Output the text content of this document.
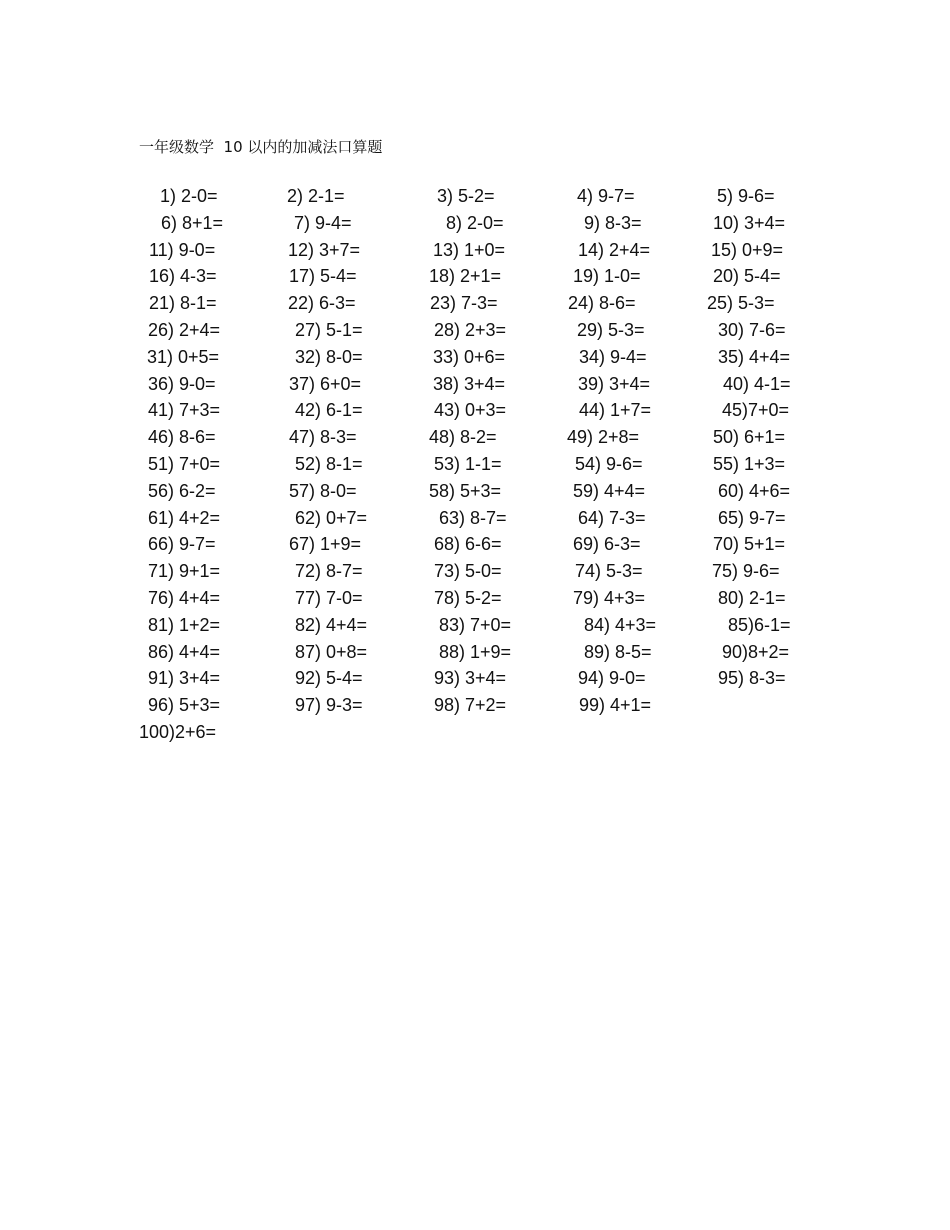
一年级数学  10 以内的加减法口算题
1) 2-0=	2) 2-1=	3) 5-2=	4) 9-7=	5) 9-6=
6) 8+1=	7) 9-4=	8) 2-0=	9) 8-3=	10) 3+4=
11) 9-0=	12) 3+7=	13) 1+0=	14) 2+4=	15) 0+9=
16) 4-3=	17) 5-4=	18) 2+1=	19) 1-0=	20) 5-4=
21) 8-1=	22) 6-3=	23) 7-3=	24) 8-6=	25) 5-3=
26) 2+4=	27) 5-1=	28) 2+3=	29) 5-3=	30) 7-6=
31) 0+5=	32) 8-0=	33) 0+6=	34) 9-4=	35) 4+4=
36) 9-0=	37) 6+0=	38) 3+4=	39) 3+4=	40) 4-1=
41) 7+3=	42) 6-1=	43) 0+3=	44) 1+7=	45)7+0=
46) 8-6=	47) 8-3=	48) 8-2=	49) 2+8=	50) 6+1=
51) 7+0=	52) 8-1=	53) 1-1=	54) 9-6=	55) 1+3=
56) 6-2=	57) 8-0=	58) 5+3=	59) 4+4=	60) 4+6=
61) 4+2=	62) 0+7=	63) 8-7=	64) 7-3=	65) 9-7=
66) 9-7=	67) 1+9=	68) 6-6=	69) 6-3=	70) 5+1=
71) 9+1=	72) 8-7=	73) 5-0=	74) 5-3=	75) 9-6=
76) 4+4=	77) 7-0=	78) 5-2=	79) 4+3=	80) 2-1=
81) 1+2=	82) 4+4=	83) 7+0=	84) 4+3=	85)6-1=
86) 4+4=	87) 0+8=	88) 1+9=	89) 8-5=	90)8+2=
91) 3+4=	92) 5-4=	93) 3+4=	94) 9-0=	95) 8-3=
96) 5+3=	97) 9-3=	98) 7+2=	99) 4+1=
100)2+6=
